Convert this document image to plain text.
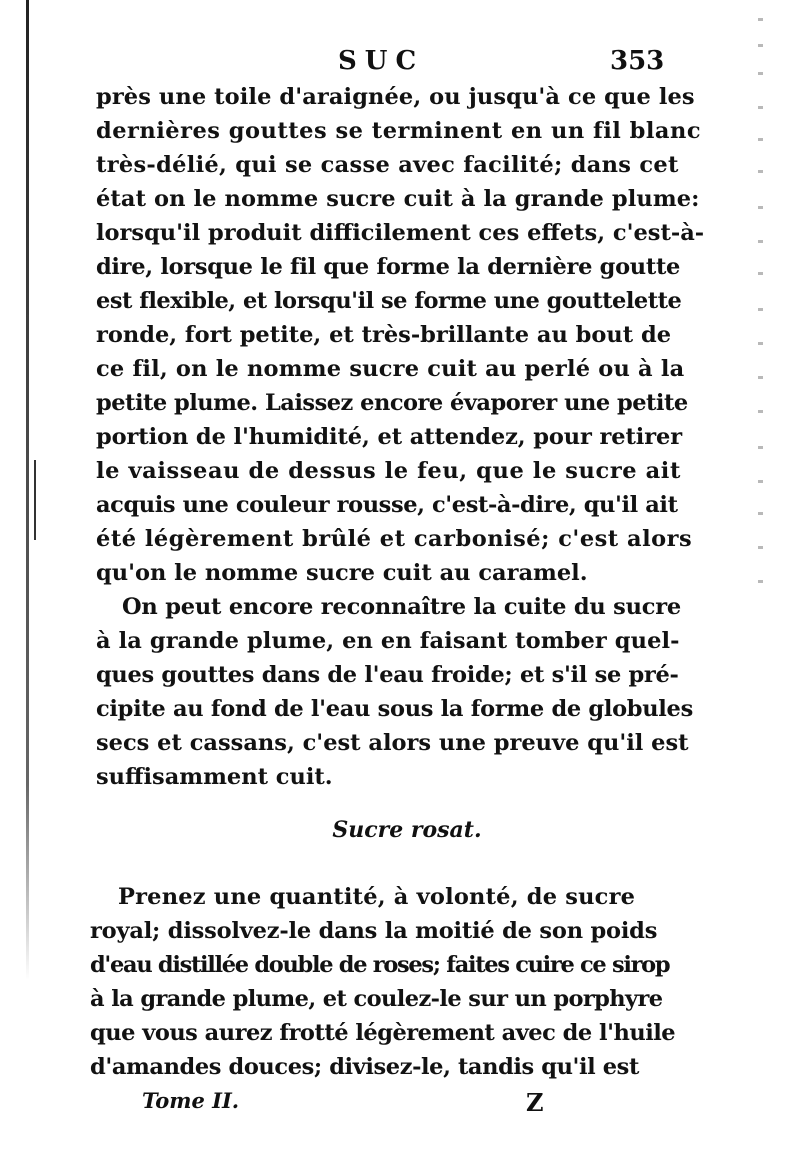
SUC	353
près une toile d'araignée, ou jusqu'à ce que les
dernières gouttes se terminent en un fil blanc
très-délié, qui se casse avec facilité; dans cet
état on le nomme sucre cuit à la grande plume:
lorsqu'il produit difficilement ces effets, c'est-à-
dire, lorsque le fil que forme la dernière goutte
est flexible, et lorsqu'il se forme une gouttelette
ronde, fort petite, et très-brillante au bout de
ce fil, on le nomme sucre cuit au perlé ou à la
petite plume. Laissez encore évaporer une petite
portion de l'humidité, et attendez, pour retirer
le vaisseau de dessus le feu, que le sucre ait
acquis une couleur rousse, c'est-à-dire, qu'il ait
été légèrement brûlé et carbonisé; c'est alors
qu'on le nomme sucre cuit au caramel.
On peut encore reconnaître la cuite du sucre
à la grande plume, en en faisant tomber quel-
ques gouttes dans de l'eau froide; et s'il se pré-
cipite au fond de l'eau sous la forme de globules
secs et cassans, c'est alors une preuve qu'il est
suffisamment cuit.
Sucre rosat.
Prenez une quantité, à volonté, de sucre
royal; dissolvez-le dans la moitié de son poids
d'eau distillée double de roses; faites cuire ce sirop
à la grande plume, et coulez-le sur un porphyre
que vous aurez frotté légèrement avec de l'huile
d'amandes douces; divisez-le, tandis qu'il est
Tome II.	Z
